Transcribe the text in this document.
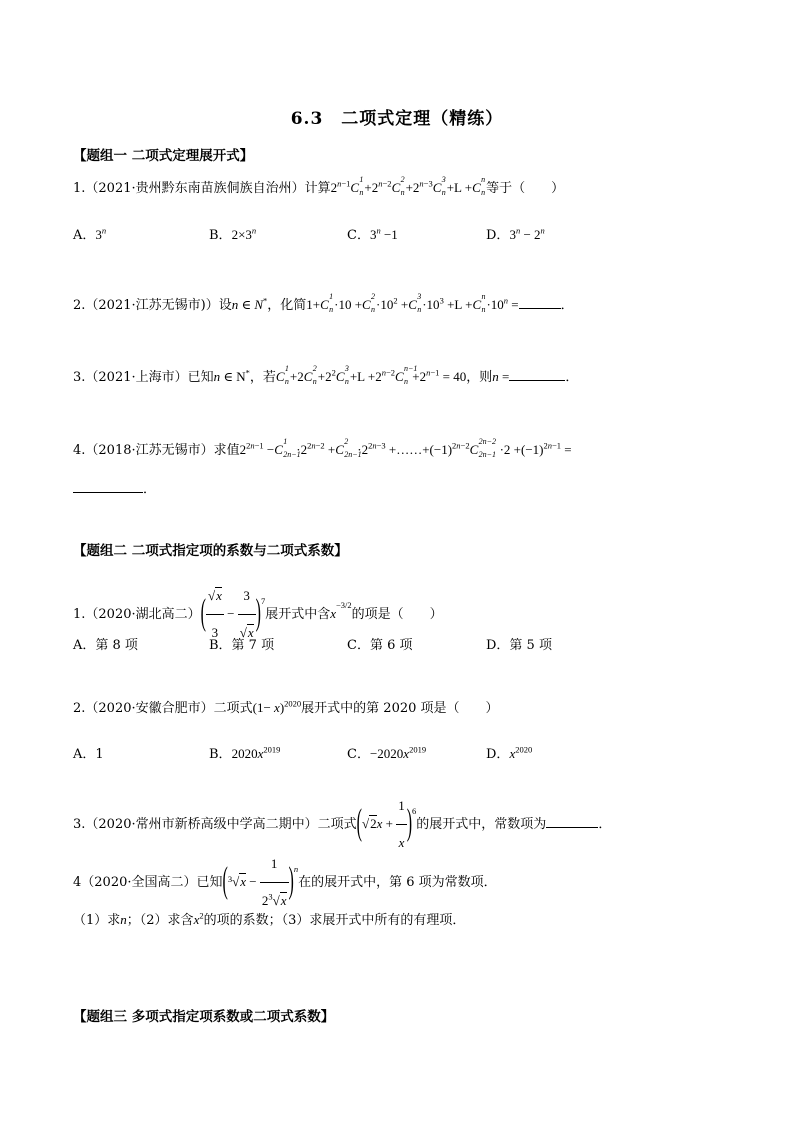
6.3　二项式定理（精练）
【题组一 二项式定理展开式】
1.（2021·贵州黔东南苗族侗族自治州）计算$2^{n-1}C$
1
$n +2^{n-2}C$
2
$n +2^{n-3}C$
3
n +L +C
n
n 等于（　　）
A．3$^n$	B．$2\times 3^n$	C．$3^n -1$	D．$3^n - 2^n$
2.（2021·江苏无锡市)）设n ∈ N*，化简1+C
1
n ·10 +C
2
$n \cdot 10^2 +C$
3
$n \cdot 10^3 +L +C$
n
$n \cdot 10^n$ =	．
3.（2021·上海市）已知n ∈ N*，若C
1
n +2C
2
$n +2^2C$
3
$n +L +2^{n-2}C$
n−1
$n +2^{n-1} = 40$，则n =	．
4.（2018·江苏无锡市）求值$2^{2n-1} -C$
1
2n−1
$\cdot 2^{2n-2} +C$
2
2n−1
$\cdot 2^{2n-3}$ $+\dots\dots+(-1)^{2n-2}C$
2n−2
$2n-1 \cdot 2 +(-1)^{2n-1}$ =
．
【题组二 二项式指定项的系数与二项式系数】
1.（2020·湖北高二）( $\frac{√x}{3} - \frac{3}{√x} )^7$展开式中含$x^{-3/2}$的项是（　　）
A．第 8 项	B．第 7 项	C．第 6 项	D．第 5 项
2.（2020·安徽合肥市）二项式$(1- x)^{2020}$展开式中的第 2020 项是（　　）
A．1	B．$2020x^{2019}$	C．$-2020x^{2019}$	D．$x^{2020}$
3.（2020·常州市新桥高级中学高二期中）二项式$(√2x + \frac{1}{x} )^6$的展开式中，常数项为	．
4（2020·全国高二）已知$(^3√x - \frac{1}{2^3√x} )^n$在的展开式中，第 6 项为常数项．
（1）求n；（2）求含$x^2$的项的系数；（3）求展开式中所有的有理项．
【题组三 多项式指定项系数或二项式系数】
